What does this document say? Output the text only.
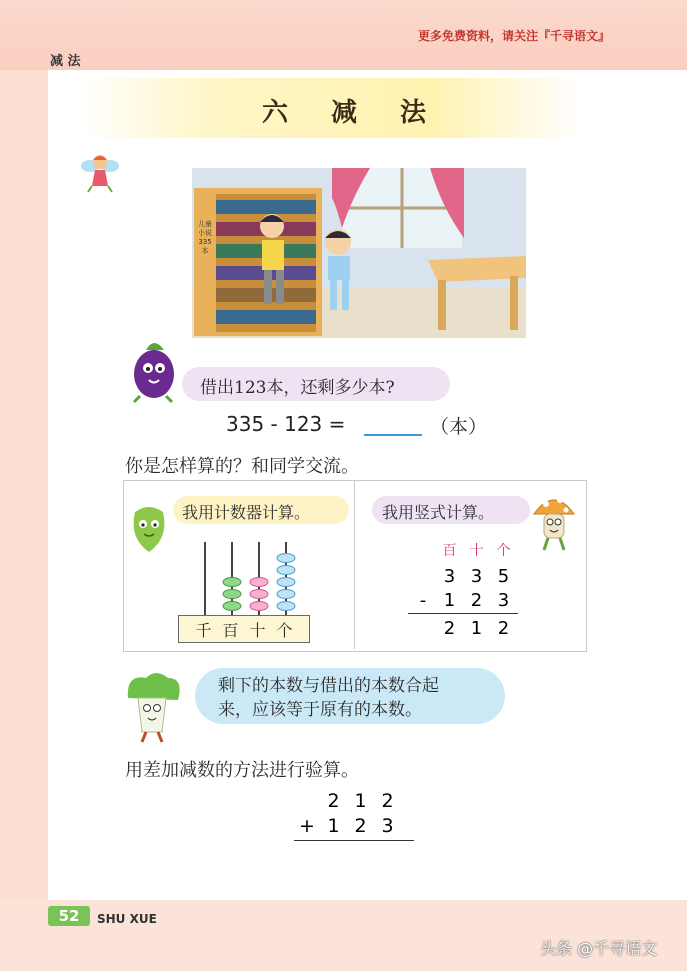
更多免费资料，请关注『千寻语文』
减 法
六 减 法
儿童
小说
335 本
借出123本，还剩多少本?
335 - 123 =	（本）
你是怎样算的？和同学交流。
我用计数器计算。
千 百 十 个
我用竖式计算。
百 十 个
3 3 5
- 1 2 3
2 1 2
剩下的本数与借出的本数合起
来，应该等于原有的本数。
用差加减数的方法进行验算。
2 1 2
+ 1 2 3
52	SHU XUE
头条 @千寻语文
